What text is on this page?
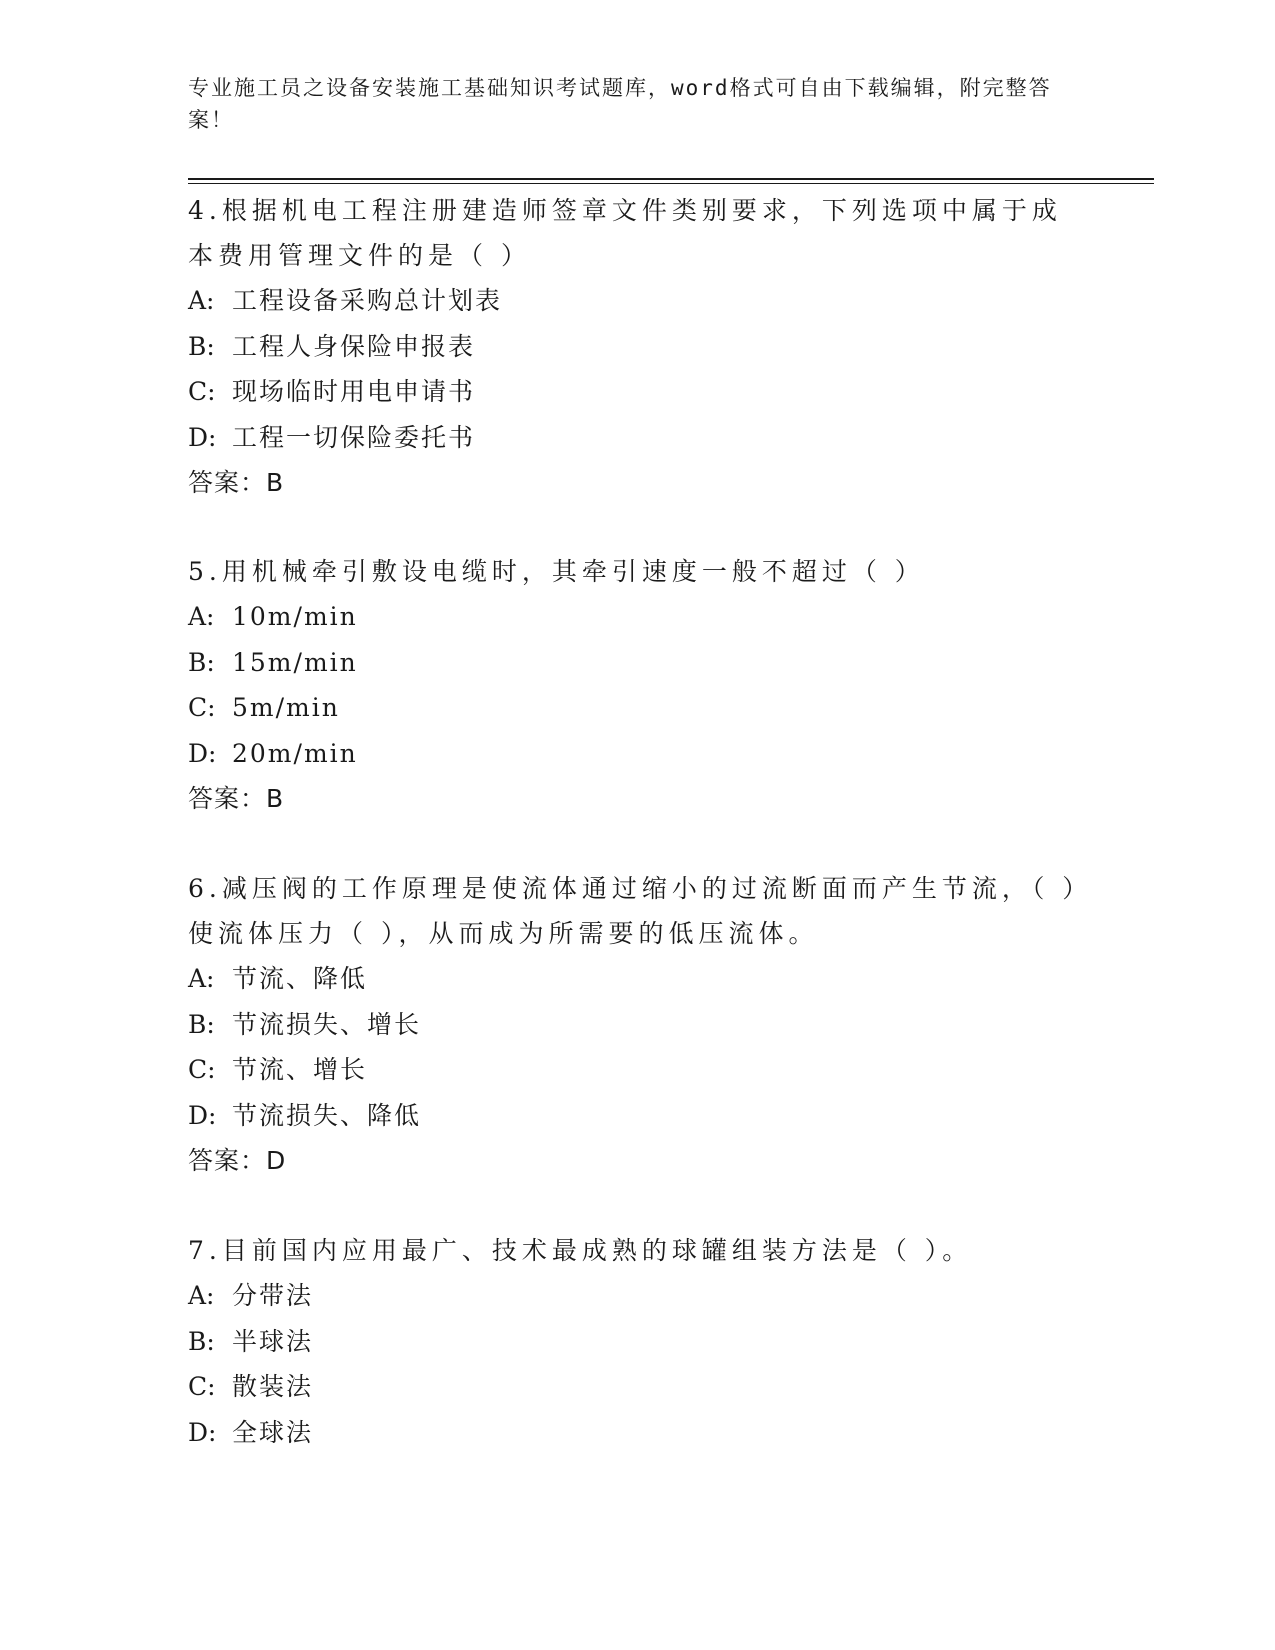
专业施工员之设备安装施工基础知识考试题库，word格式可自由下载编辑，附完整答案！
4.根据机电工程注册建造师签章文件类别要求，下列选项中属于成本费用管理文件的是（ ）
A: 工程设备采购总计划表
B: 工程人身保险申报表
C: 现场临时用电申请书
D: 工程一切保险委托书
答案：B
5.用机械牵引敷设电缆时，其牵引速度一般不超过（ ）
A: 10m/min
B: 15m/min
C: 5m/min
D: 20m/min
答案：B
6.减压阀的工作原理是使流体通过缩小的过流断面而产生节流，（ ）使流体压力（ ），从而成为所需要的低压流体。
A: 节流、降低
B: 节流损失、增长
C: 节流、增长
D: 节流损失、降低
答案：D
7.目前国内应用最广、技术最成熟的球罐组装方法是（ ）。
A: 分带法
B: 半球法
C: 散装法
D: 全球法
